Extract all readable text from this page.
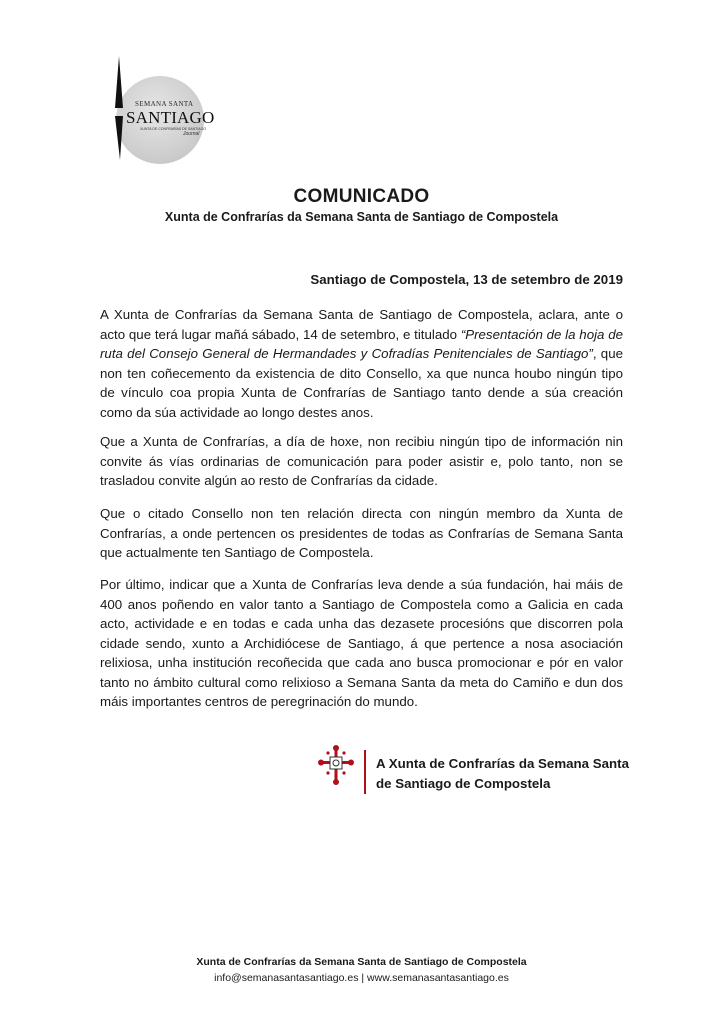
SEMANA SANTA
SANTIAGO
XUNTA DE CONFRARÍAS DE SANTIAGO
Journal
COMUNICADO
Xunta de Confrarías da Semana Santa de Santiago de Compostela
Santiago de Compostela, 13 de setembro de 2019

A Xunta de Confrarías da Semana Santa de Santiago de Compostela, aclara, ante o acto que terá lugar mañá sábado, 14 de setembro, e titulado “Presentación de la hoja de ruta del Consejo General de Hermandades y Cofradías Penitenciales de Santiago”, que non ten coñecemento da existencia de dito Consello, xa que nunca houbo ningún tipo de vínculo coa propia Xunta de Confrarías de Santiago tanto dende a súa creación como da súa actividade ao longo destes anos.

Que a Xunta de Confrarías, a día de hoxe, non recibiu ningún tipo de información nin convite ás vías ordinarias de comunicación para poder asistir e, polo tanto, non se trasladou convite algún ao resto de Confrarías da cidade.

Que o citado Consello non ten relación directa con ningún membro da Xunta de Confrarías, a onde pertencen os presidentes de todas as Confrarías de Semana Santa que actualmente ten Santiago de Compostela.

Por último, indicar que a Xunta de Confrarías leva dende a súa fundación, hai máis de 400 anos poñendo en valor tanto a Santiago de Compostela como a Galicia en cada acto, actividade e en todas e cada unha das dezasete procesións que discorren pola cidade sendo, xunto a Archidiócese de Santiago, á que pertence a nosa asociación relixiosa, unha institución recoñecida que cada ano busca promocionar e pór en valor tanto no ámbito cultural como relixioso a Semana Santa da meta do Camiño e dun dos máis importantes centros de peregrinación do mundo.

A Xunta de Confrarías da Semana Santa
de Santiago de Compostela
Xunta de Confrarías da Semana Santa de Santiago de Compostela
info@semanasantasantiago.es | www.semanasantasantiago.es
